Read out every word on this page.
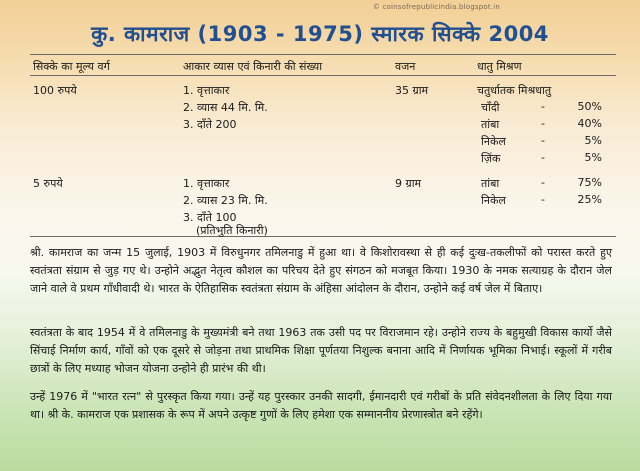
© coinsofrepublicindia.blogspot.in
कु. कामराज (1903 - 1975) स्मारक सिक्के 2004
सिक्के का मूल्य वर्ग	आकार व्यास एवं किनारी की संख्या	वजन	धातु मिश्रण
100 रुपये	1. वृत्ताकार
2. व्यास 44 मि. मि.
3. दाँते 200
35 ग्राम	चतुर्धातक मिश्रधातु
चाँदी	-	50%
तांबा	-	40%
निकेल	-	5%
ज़िंक	-	5%
5 रुपये	1. वृत्ताकार
2. व्यास 23 मि. मि.
3. दाँते 100
(प्रतिभुति किनारी)
9 ग्राम	तांबा	-	75%
निकेल	-	25%

श्री. कामराज का जन्म 15 जुलाई, 1903 में विरुधुनगर तमिलनाडु में हुआ था। वे किशोरावस्था से ही कई दुःख-तकलीफों को परास्त करते हुए स्वतंत्रता संग्राम से जुड़ गए थे। उन्होने अद्भुत नेतृत्व कौशल का परिचय देते हुए संगठन को मजबूत किया। 1930 के नमक सत्याग्रह के दौरान जेल जाने वाले वे प्रथम गाँधीवादी थे। भारत के ऐतिहासिक स्वतंत्रता संग्राम के अंहिसा आंदोलन के दौरान, उन्होने कई वर्ष जेल में बिताए।

स्वतंत्रता के बाद 1954 में वे तमिलनाडु के मुख्यमंत्री बने तथा 1963 तक उसी पद पर विराजमान रहे। उन्होने राज्य के बहुमुखी विकास कार्यो जैसे सिंचाई निर्माण कार्य, गाँवों को एक दूसरे से जोड़ना तथा प्राथमिक शिक्षा पूर्णतया निशुल्क बनाना आदि में निर्णायक भूमिका निभाई। स्कूलों में गरीब छात्रों के लिए मध्याह भोजन योजना उन्होने ही प्रारंभ की थी।

उन्हें 1976 में "भारत रत्न" से पुरस्कृत किया गया। उन्हें यह पुरस्कार उनकी सादगी, ईमानदारी एवं गरीबों के प्रति संवेदनशीलता के लिए दिया गया था। श्री के. कामराज एक प्रशासक के रूप में अपने उत्कृष्ट गुणों के लिए हमेशा एक सम्माननीय प्रेरणास्त्रोत बने रहेंगे।
